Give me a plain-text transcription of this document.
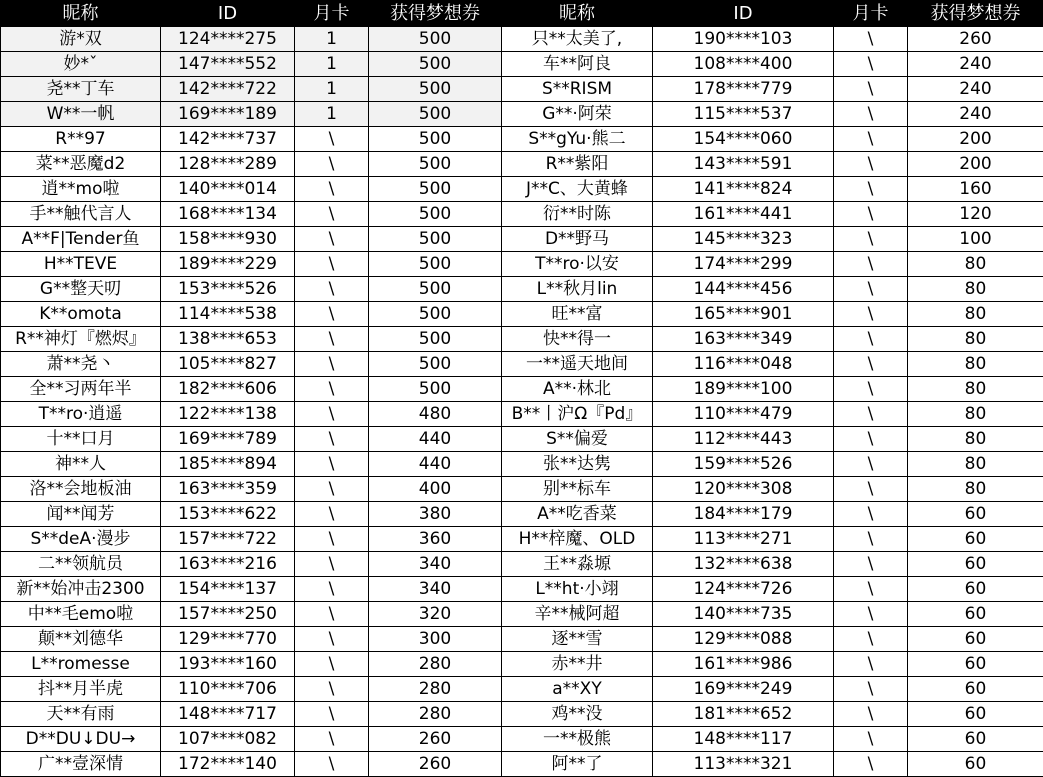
昵称	ID	月卡	获得梦想券	昵称	ID	月卡	获得梦想券
游*双	124****275	1	500	只**太美了,	190****103	\	260
妙*ˇ	147****552	1	500	车**阿良	108****400	\	240
尧**丁车	142****722	1	500	S**RISM	178****779	\	240
W**一帆	169****189	1	500	G**·阿荣	115****537	\	240
R**97	142****737	\	500	S**gYu·熊二	154****060	\	200
菜**恶魔d2	128****289	\	500	R**紫阳	143****591	\	200
逍**mo啦	140****014	\	500	J**C、大黄蜂	141****824	\	160
手**触代言人	168****134	\	500	衍**时陈	161****441	\	120
A**F|Tender鱼	158****930	\	500	D**野马	145****323	\	100
H**TEVE	189****229	\	500	T**ro·以安	174****299	\	80
G**整天叨	153****526	\	500	L**秋月lin	144****456	\	80
K**omota	114****538	\	500	旺**富	165****901	\	80
R**神灯『燃烬』	138****653	\	500	快**得一	163****349	\	80
萧**尧丶	105****827	\	500	一**遥天地间	116****048	\	80
全**习两年半	182****606	\	500	A**·林北	189****100	\	80
T**ro·逍遥	122****138	\	480	B**丨沪Ω『Pd』	110****479	\	80
十**口月	169****789	\	440	S**偏爱	112****443	\	80
神**人	185****894	\	440	张**达隽	159****526	\	80
洛**会地板油	163****359	\	400	别**标车	120****308	\	80
闻**闻芳	153****622	\	380	A**吃香菜	184****179	\	60
S**deA·漫步	157****722	\	360	H**梓魔、OLD	113****271	\	60
二**领航员	163****216	\	340	王**淼塬	132****638	\	60
新**始冲击2300	154****137	\	340	L**ht·小翊	124****726	\	60
中**毛emo啦	157****250	\	320	辛**械阿超	140****735	\	60
颠**刘德华	129****770	\	300	逐**雪	129****088	\	60
L**romesse	193****160	\	280	赤**井	161****986	\	60
抖**月半虎	110****706	\	280	a**XY	169****249	\	60
天**有雨	148****717	\	280	鸡**没	181****652	\	60
D**DU↓DU→	107****082	\	260	一**极熊	148****117	\	60
广**壹深情	172****140	\	260	阿**了	113****321	\	60
